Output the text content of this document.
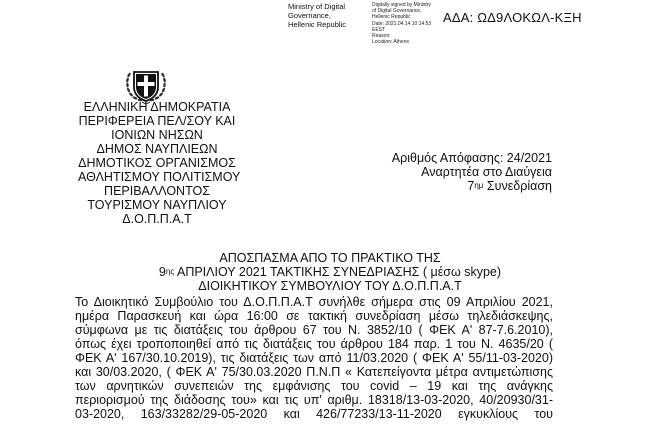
ΑΔΑ: ΩΔ9ΛΟΚΩΛ-ΚΞΗ
Ministry of Digital
Governance,
Hellenic Republic
Digitally signed by Ministry
of Digital Governance,
Hellenic Republic
Date: 2021.04.14 10:14:53
EEST
Reason:
Location: Athens
ΕΛΛΗΝΙΚΗ ΔΗΜΟΚΡΑΤΙΑ
ΠΕΡΙΦΕΡΕΙΑ ΠΕΛ/ΣΟΥ ΚΑΙ
ΙΟΝΙΩΝ ΝΗΣΩΝ
ΔΗΜΟΣ ΝΑΥΠΛΙΕΩΝ
ΔΗΜΟΤΙΚΟΣ ΟΡΓΑΝΙΣΜΟΣ
ΑΘΛΗΤΙΣΜΟΥ ΠΟΛΙΤΙΣΜΟΥ
ΠΕΡΙΒΑΛΛΟΝΤΟΣ
ΤΟΥΡΙΣΜΟΥ ΝΑΥΠΛΙΟΥ
Δ.Ο.Π.Π.Α.Τ
Αριθμός Απόφασης: 24/2021
Αναρτητέα στο Διαύγεια
$7^{\eta\mu}$ Συνεδρίαση
ΑΠΟΣΠΑΣΜΑ ΑΠΟ ΤΟ ΠΡΑΚΤΙΚΟ ΤΗΣ
$9^{\eta\varsigma}$ ΑΠΡΙΛΙΟΥ 2021 ΤΑΚΤΙΚΗΣ ΣΥΝΕΔΡΙΑΣΗΣ ( μέσω skype)
ΔΙΟΙΚΗΤΙΚΟΥ ΣΥΜΒΟΥΛΙΟΥ ΤΟΥ Δ.Ο.Π.Π.Α.Τ
Το Διοικητικό Συμβούλιο του Δ.Ο.Π.Π.Α.Τ συνήλθε σήμερα στις 09 Απριλίου 2021,
ημέρα Παρασκευή και ώρα 16:00 σε τακτική συνεδρίαση μέσω τηλεδιάσκεψης,
σύμφωνα με τις διατάξεις του άρθρου 67 του Ν. 3852/10 ( ΦΕΚ Α' 87-7.6.2010),
όπως έχει τροποποιηθεί από τις διατάξεις του άρθρου 184 παρ. 1 του Ν. 4635/20 (
ΦΕΚ Α' 167/30.10.2019), τις διατάξεις των από 11/03.2020 ( ΦΕΚ Α' 55/11-03-2020)
και 30/03.2020, ( ΦΕΚ Α' 75/30.03.2020 Π.Ν.Π « Κατεπείγοντα μέτρα αντιμετώπισης
των αρνητικών συνεπειών της εμφάνισης του covid – 19 και της ανάγκης
περιορισμού της διάδοσης του» και τις υπ' αριθμ. 18318/13-03-2020, 40/20930/31-
03-2020, 163/33282/29-05-2020 και 426/77233/13-11-2020 εγκυκλίους του
